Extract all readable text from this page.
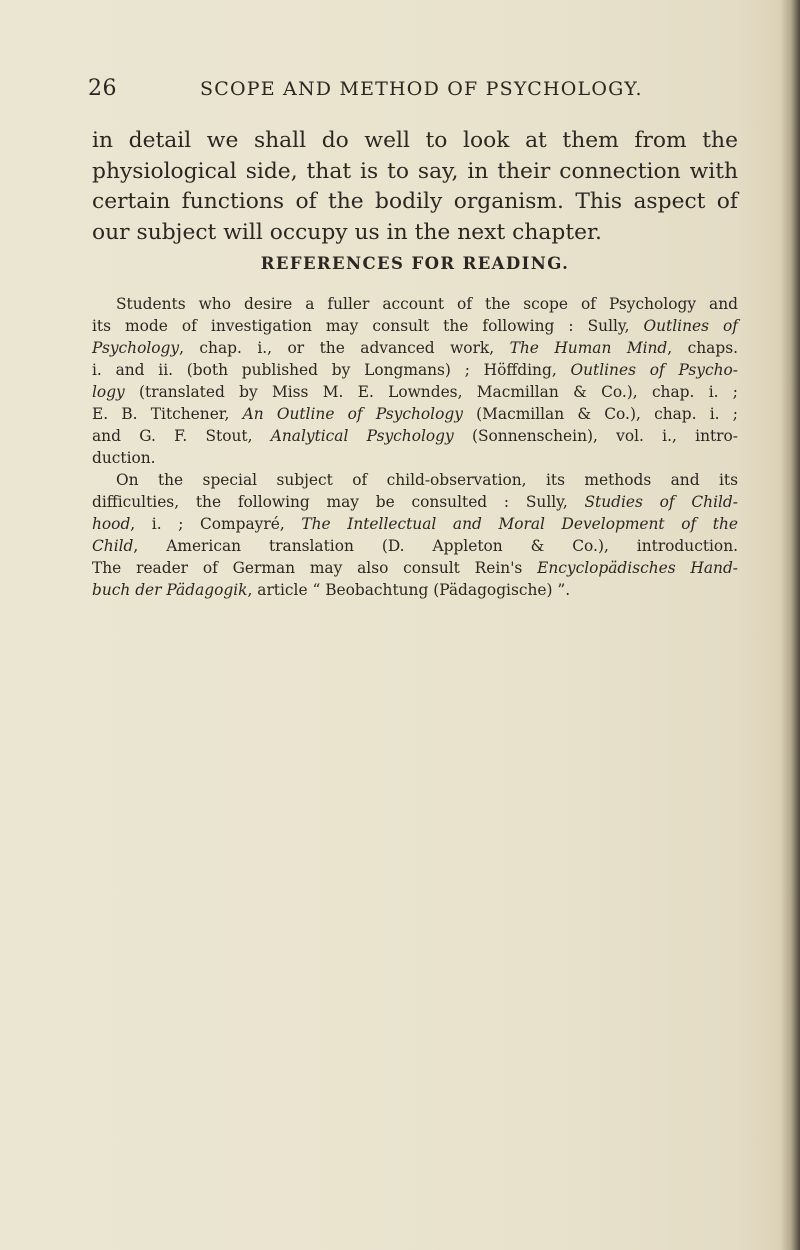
26	SCOPE AND METHOD OF PSYCHOLOGY.
in detail we shall do well to look at them from the
physiological side, that is to say, in their connection with
certain functions of the bodily organism. This aspect of
our subject will occupy us in the next chapter.
REFERENCES FOR READING.
Students who desire a fuller account of the scope of Psychology and
its mode of investigation may consult the following : Sully, Outlines of
Psychology, chap. i., or the advanced work, The Human Mind, chaps.
i. and ii. (both published by Longmans) ; Höffding, Outlines of Psycho-
logy (translated by Miss M. E. Lowndes, Macmillan & Co.), chap. i. ;
E. B. Titchener, An Outline of Psychology (Macmillan & Co.), chap. i. ;
and G. F. Stout, Analytical Psychology (Sonnenschein), vol. i., intro-
duction.
On the special subject of child-observation, its methods and its
difficulties, the following may be consulted : Sully, Studies of Child-
hood, i. ; Compayré, The Intellectual and Moral Development of the
Child, American translation (D. Appleton & Co.), introduction.
The reader of German may also consult Rein's Encyclopädisches Hand-
buch der Pädagogik, article “ Beobachtung (Pädagogische) ”.
